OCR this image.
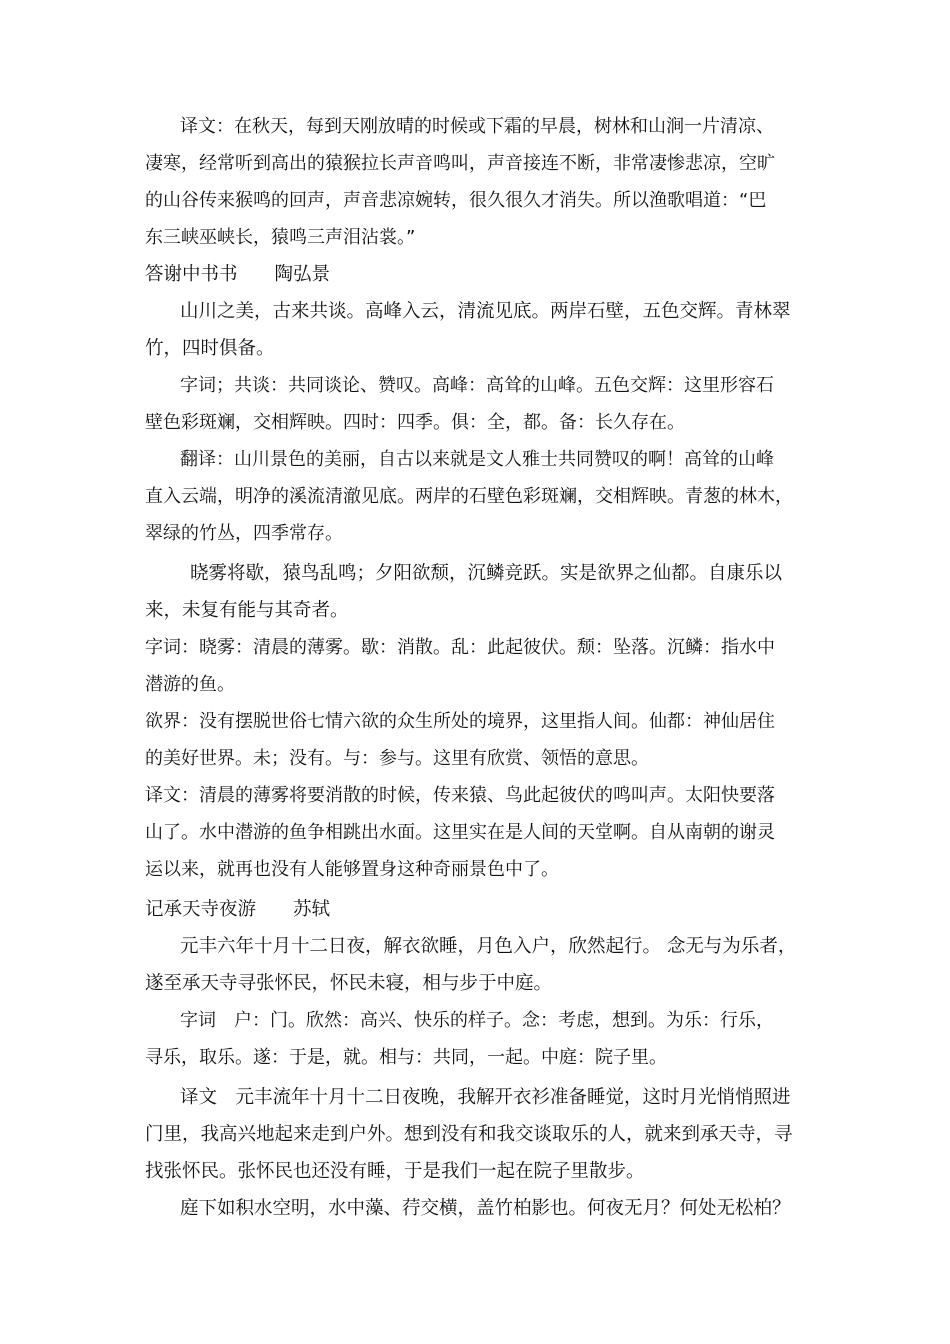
译文：在秋天，每到天刚放晴的时候或下霜的早晨，树林和山涧一片清凉、
凄寒，经常听到高出的猿猴拉长声音鸣叫，声音接连不断，非常凄惨悲凉，空旷
的山谷传来猴鸣的回声，声音悲凉婉转，很久很久才消失。所以渔歌唱道：“巴
东三峡巫峡长，猿鸣三声泪沾裳。”
答谢中书书　　陶弘景
山川之美，古来共谈。高峰入云，清流见底。两岸石壁，五色交辉。青林翠
竹，四时俱备。
字词；共谈：共同谈论、赞叹。高峰：高耸的山峰。五色交辉：这里形容石
壁色彩斑斓，交相辉映。四时：四季。俱：全，都。备：长久存在。
翻译：山川景色的美丽，自古以来就是文人雅士共同赞叹的啊！高耸的山峰
直入云端，明净的溪流清澈见底。两岸的石壁色彩斑斓，交相辉映。青葱的林木，
翠绿的竹丛，四季常存。
晓雾将歇，猿鸟乱鸣；夕阳欲颓，沉鳞竞跃。实是欲界之仙都。自康乐以
来，未复有能与其奇者。
字词：晓雾：清晨的薄雾。歇：消散。乱：此起彼伏。颓：坠落。沉鳞：指水中
潜游的鱼。
欲界：没有摆脱世俗七情六欲的众生所处的境界，这里指人间。仙都：神仙居住
的美好世界。未；没有。与：参与。这里有欣赏、领悟的意思。
译文：清晨的薄雾将要消散的时候，传来猿、鸟此起彼伏的鸣叫声。太阳快要落
山了。水中潜游的鱼争相跳出水面。这里实在是人间的天堂啊。自从南朝的谢灵
运以来，就再也没有人能够置身这种奇丽景色中了。
记承天寺夜游　　苏轼
元丰六年十月十二日夜，解衣欲睡，月色入户，欣然起行。 念无与为乐者，
遂至承天寺寻张怀民，怀民未寝，相与步于中庭。
字词　户：门。欣然：高兴、快乐的样子。念：考虑，想到。为乐：行乐，
寻乐，取乐。遂：于是，就。相与：共同，一起。中庭：院子里。
译文　元丰流年十月十二日夜晚，我解开衣衫准备睡觉，这时月光悄悄照进
门里，我高兴地起来走到户外。想到没有和我交谈取乐的人，就来到承天寺，寻
找张怀民。张怀民也还没有睡，于是我们一起在院子里散步。
庭下如积水空明，水中藻、荇交横，盖竹柏影也。何夜无月？何处无松柏？
